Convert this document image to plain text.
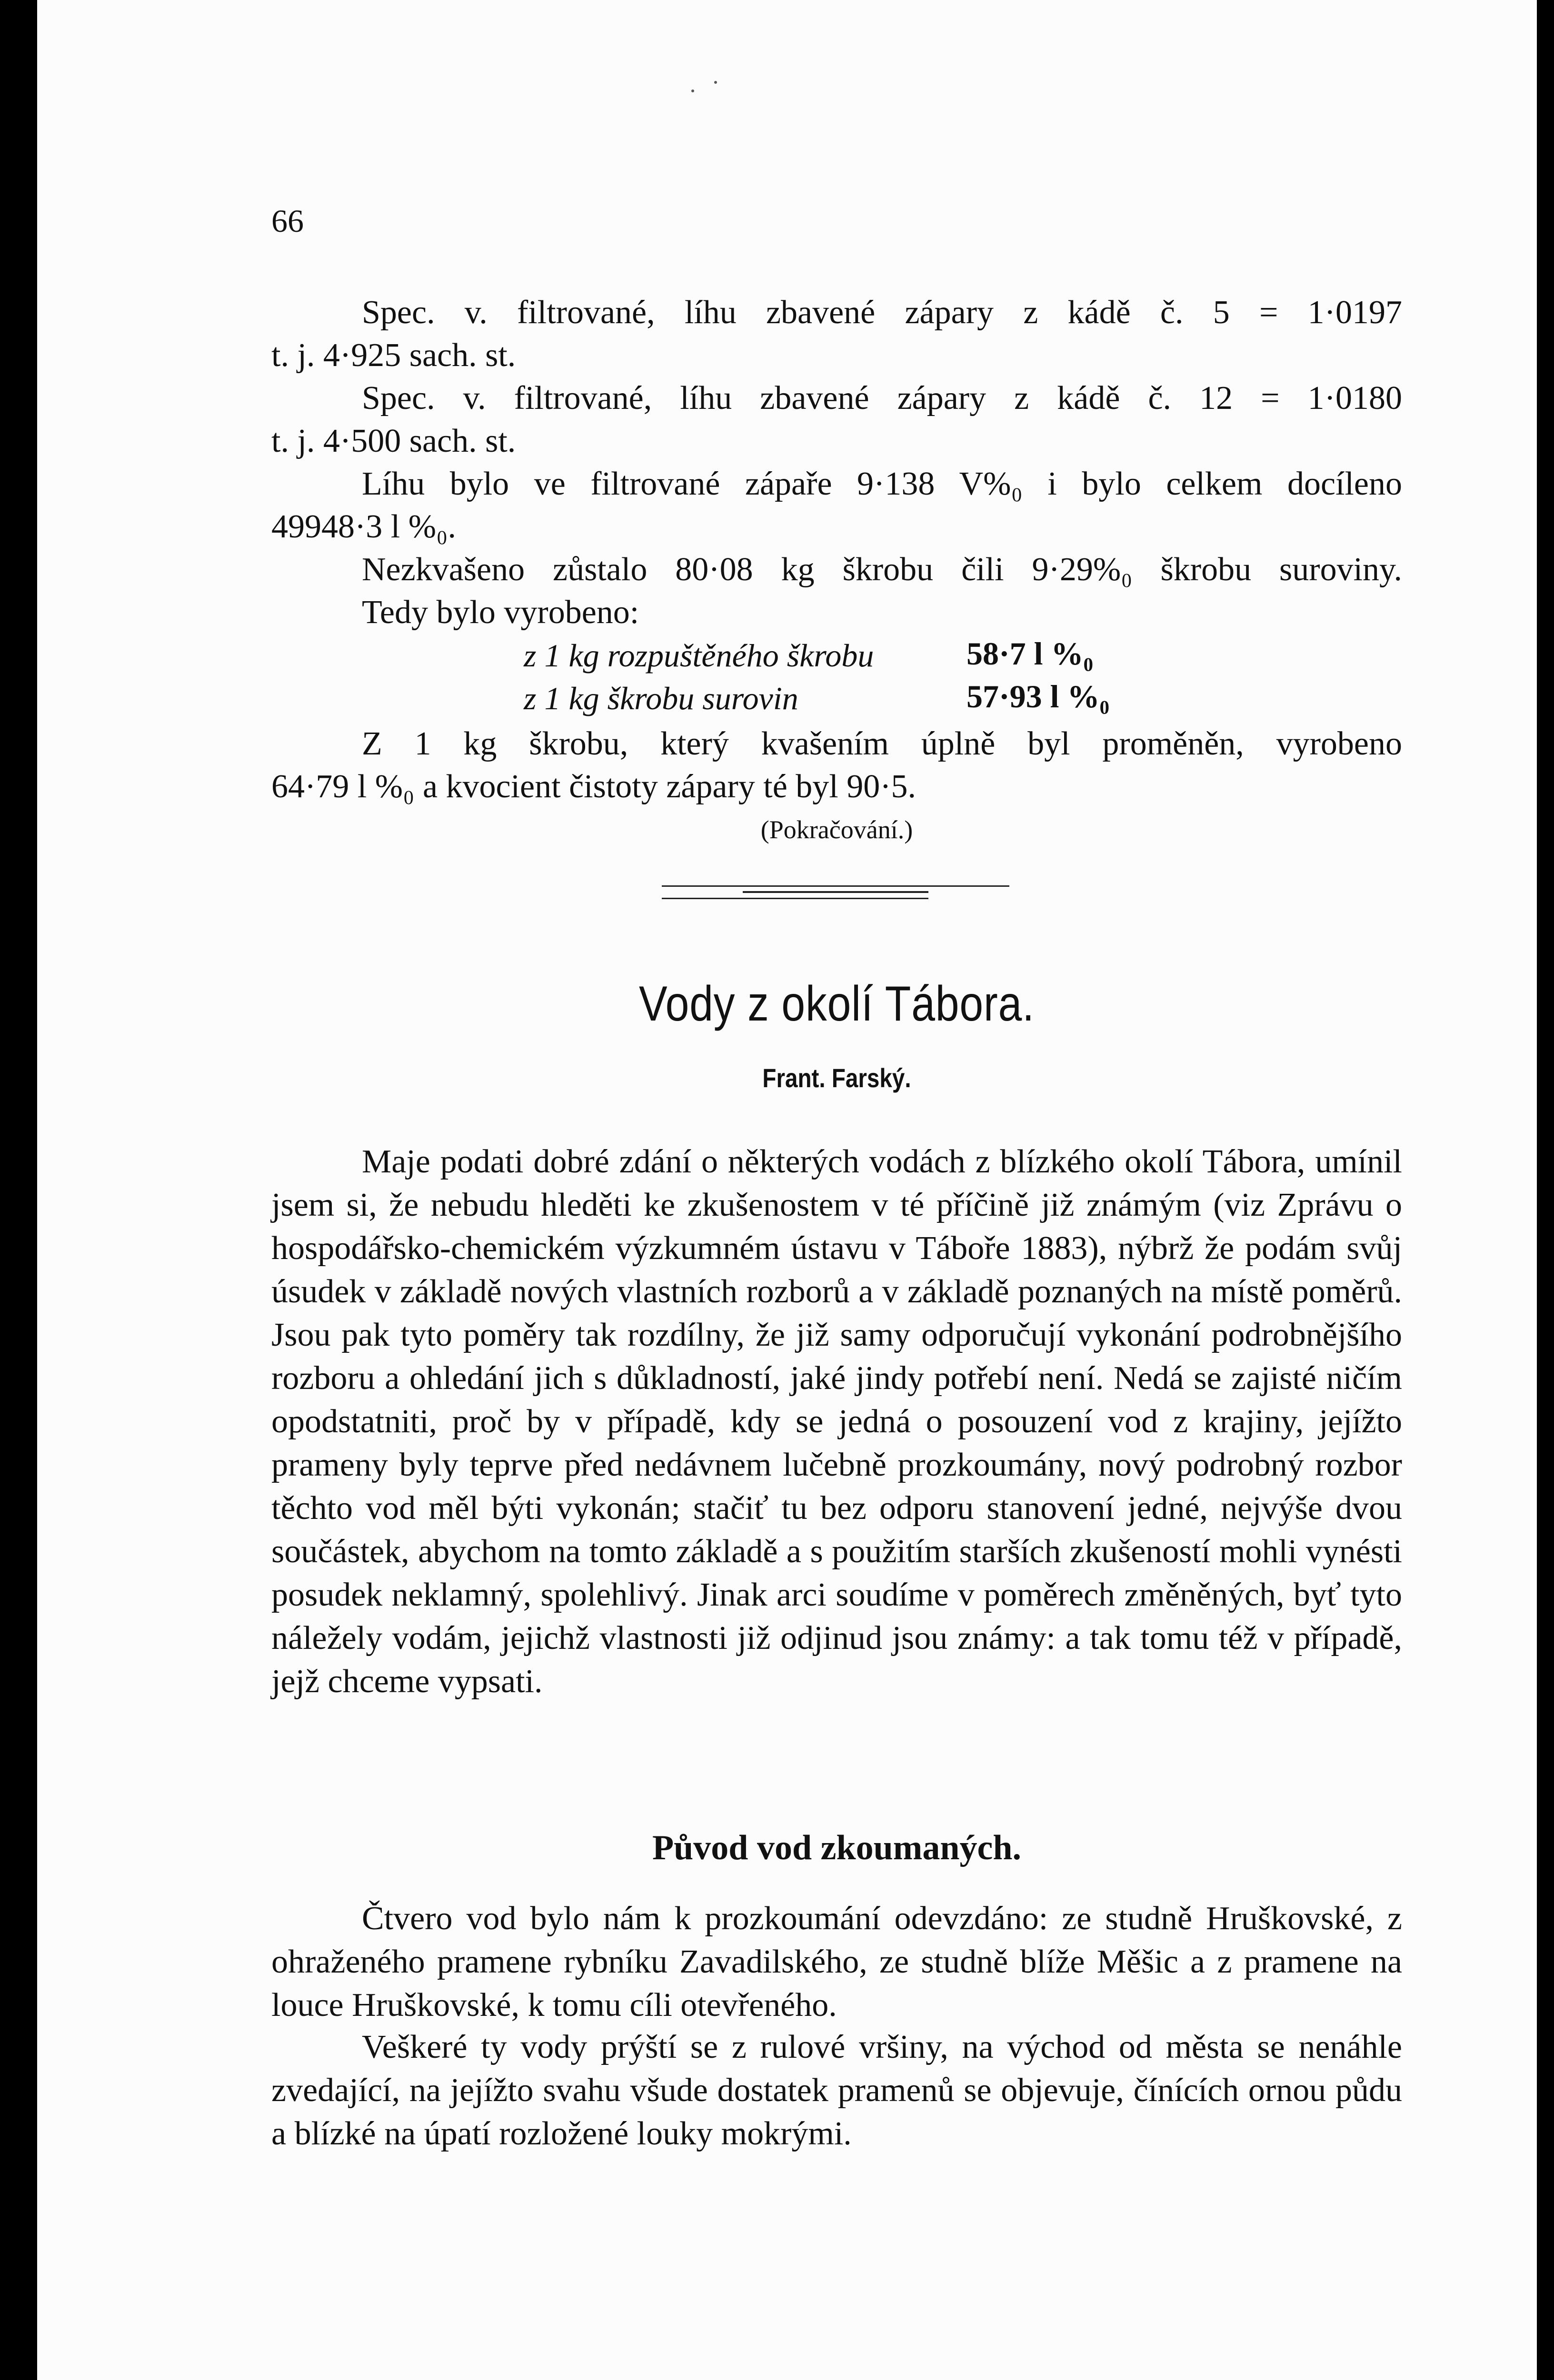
66
Spec. v. filtrované, líhu zbavené zápary z kádě č. 5 = 1·0197
t. j. 4·925 sach. st.
Spec. v. filtrované, líhu zbavené zápary z kádě č. 12 = 1·0180
t. j. 4·500 sach. st.
Líhu bylo ve filtrované zápaře 9·138 V%₀ i bylo celkem docíleno
49948·3 l %₀.
Nezkvašeno zůstalo 80·08 kg škrobu čili 9·29%₀ škrobu suroviny.
Tedy bylo vyrobeno:
z 1 kg rozpuštěného škrobu	58·7 l %₀
z 1 kg škrobu surovin	57·93 l %₀
Z 1 kg škrobu, který kvašením úplně byl proměněn, vyrobeno
64·79 l %₀ a kvocient čistoty zápary té byl 90·5.
(Pokračování.)
Vody z okolí Tábora.
Frant. Farský.

Maje podati dobré zdání o některých vodách z blízkého okolí Tábora, umínil jsem si, že nebudu hleděti ke zkušenostem v té příčině již známým (viz Zprávu o hospodářsko-chemickém výzkumném ústavu v Táboře 1883), nýbrž že podám svůj úsudek v základě nových vlastních rozborů a v základě poznaných na místě poměrů. Jsou pak tyto poměry tak rozdílny, že již samy odporučují vykonání podrobnějšího rozboru a ohledání jich s důkladností, jaké jindy potřebí není. Nedá se zajisté ničím opodstatniti, proč by v případě, kdy se jedná o posouzení vod z krajiny, jejížto prameny byly teprve před nedávnem lučebně prozkoumány, nový podrobný rozbor těchto vod měl býti vykonán; stačiť tu bez odporu stanovení jedné, nejvýše dvou součástek, abychom na tomto základě a s použitím starších zkušeností mohli vynésti posudek neklamný, spolehlivý. Jinak arci soudíme v poměrech změněných, byť tyto náležely vodám, jejichž vlastnosti již odjinud jsou známy: a tak tomu též v případě, jejž chceme vypsati.

Původ vod zkoumaných.

Čtvero vod bylo nám k prozkoumání odevzdáno: ze studně Hruškovské, z ohraženého pramene rybníku Zavadilského, ze studně blíže Měšic a z pramene na louce Hruškovské, k tomu cíli otevřeného.

Veškeré ty vody prýští se z rulové vršiny, na východ od města se nenáhle zvedající, na jejížto svahu všude dostatek pramenů se objevuje, čínících ornou půdu a blízké na úpatí rozložené louky mokrými.
